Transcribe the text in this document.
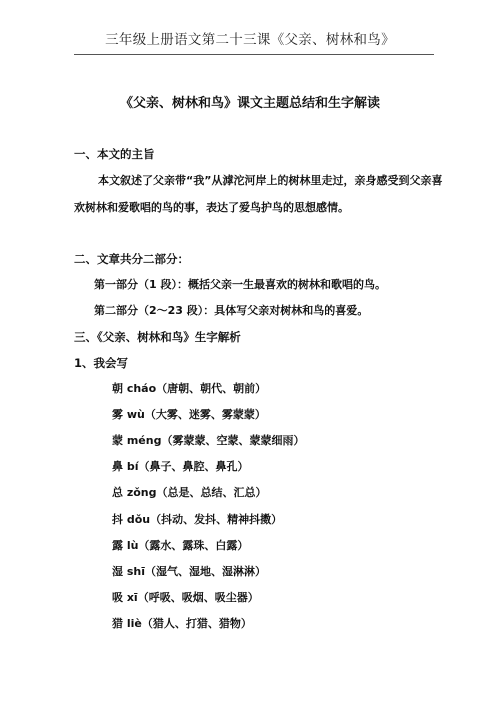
三年级上册语文第二十三课《父亲、树林和鸟》
《父亲、树林和鸟》课文主题总结和生字解读
一、本文的主旨
本文叙述了父亲带“我”从滹沱河岸上的树林里走过，亲身感受到父亲喜
欢树林和爱歌唱的鸟的事，表达了爱鸟护鸟的思想感情。
二、文章共分二部分：
第一部分（1 段）：概括父亲一生最喜欢的树林和歌唱的鸟。
第二部分（2～23 段）：具体写父亲对树林和鸟的喜爱。
三、《父亲、树林和鸟》生字解析
1、我会写
朝 cháo（唐朝、朝代、朝前）
雾 wù（大雾、迷雾、雾蒙蒙）
蒙 méng（雾蒙蒙、空蒙、蒙蒙细雨）
鼻 bí（鼻子、鼻腔、鼻孔）
总 zǒng（总是、总结、汇总）
抖 dǒu（抖动、发抖、精神抖擞）
露 lù（露水、露珠、白露）
湿 shī（湿气、湿地、湿淋淋）
吸 xī（呼吸、吸烟、吸尘器）
猎 liè（猎人、打猎、猎物）
